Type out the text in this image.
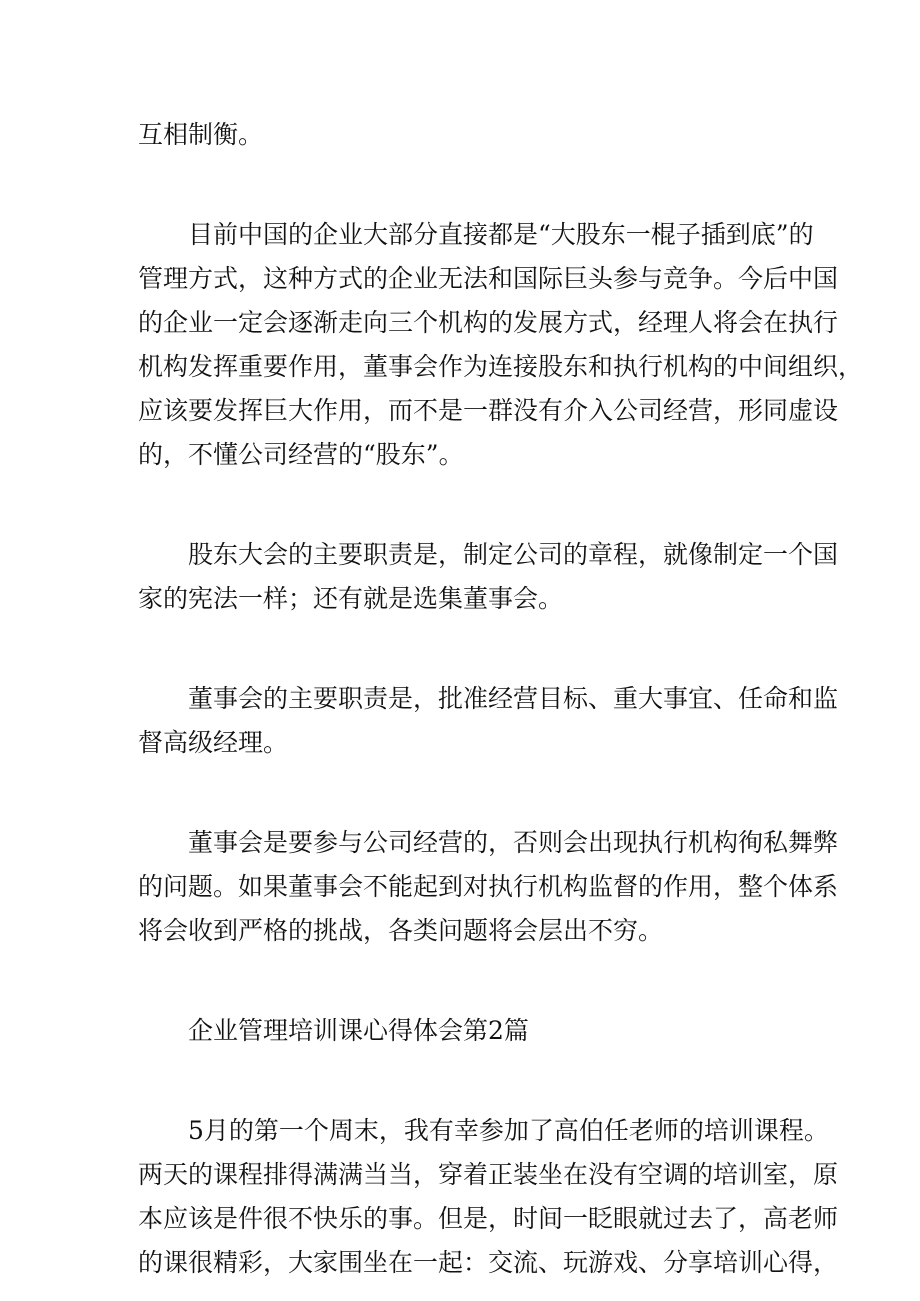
互相制衡。
目前中国的企业大部分直接都是“大股东一棍子插到底”的
管理方式，这种方式的企业无法和国际巨头参与竞争。今后中国
的企业一定会逐渐走向三个机构的发展方式，经理人将会在执行
机构发挥重要作用，董事会作为连接股东和执行机构的中间组织，
应该要发挥巨大作用，而不是一群没有介入公司经营，形同虚设
的，不懂公司经营的“股东”。
股东大会的主要职责是，制定公司的章程，就像制定一个国
家的宪法一样；还有就是选集董事会。
董事会的主要职责是，批准经营目标、重大事宜、任命和监
督高级经理。
董事会是要参与公司经营的，否则会出现执行机构徇私舞弊
的问题。如果董事会不能起到对执行机构监督的作用，整个体系
将会收到严格的挑战，各类问题将会层出不穷。
企业管理培训课心得体会第2篇
5月的第一个周末，我有幸参加了高伯任老师的培训课程。
两天的课程排得满满当当，穿着正装坐在没有空调的培训室，原
本应该是件很不快乐的事。但是，时间一眨眼就过去了，高老师
的课很精彩，大家围坐在一起：交流、玩游戏、分享培训心得，
